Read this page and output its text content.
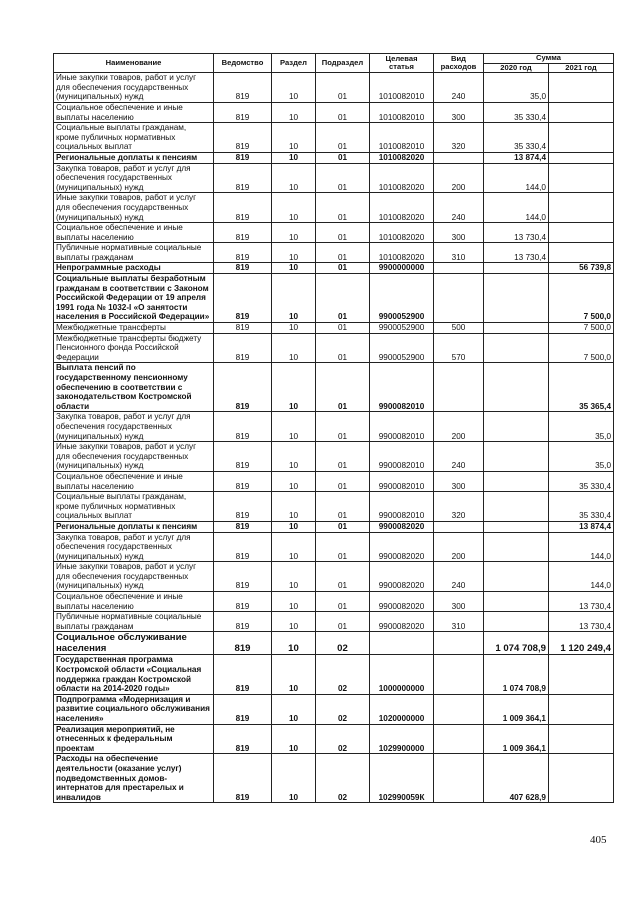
Наименование	Ведомство	Раздел	Подраздел	Целевая статья	Вид расходов	Сумма	
						2020 год	2021 год
Иные закупки товаров, работ и услуг для обеспечения государственных (муниципальных) нужд	819	10	01	1010082010	240	35,0	
Социальное обеспечение и иные выплаты населению	819	10	01	1010082010	300	35 330,4	
Социальные выплаты гражданам, кроме публичных нормативных социальных выплат	819	10	01	1010082010	320	35 330,4	
Региональные доплаты к пенсиям	819	10	01	1010082020		13 874,4	
Закупка товаров, работ и услуг для обеспечения государственных (муниципальных) нужд	819	10	01	1010082020	200	144,0	
Иные закупки товаров, работ и услуг для обеспечения государственных (муниципальных) нужд	819	10	01	1010082020	240	144,0	
Социальное обеспечение и иные выплаты населению	819	10	01	1010082020	300	13 730,4	
Публичные нормативные социальные выплаты гражданам	819	10	01	1010082020	310	13 730,4	
Непрограммные расходы	819	10	01	9900000000			56 739,8
Социальные выплаты безработным гражданам в соответствии с Законом Российской Федерации от 19 апреля 1991 года № 1032-I «О занятости населения в Российской Федерации»	819	10	01	9900052900			7 500,0
Межбюджетные трансферты	819	10	01	9900052900	500		7 500,0
Межбюджетные трансферты бюджету Пенсионного фонда Российской Федерации	819	10	01	9900052900	570		7 500,0
Выплата пенсий по государственному пенсионному обеспечению в соответствии с законодательством Костромской области	819	10	01	9900082010			35 365,4
Закупка товаров, работ и услуг для обеспечения государственных (муниципальных) нужд	819	10	01	9900082010	200		35,0
Иные закупки товаров, работ и услуг для обеспечения государственных (муниципальных) нужд	819	10	01	9900082010	240		35,0
Социальное обеспечение и иные выплаты населению	819	10	01	9900082010	300		35 330,4
Социальные выплаты гражданам, кроме публичных нормативных социальных выплат	819	10	01	9900082010	320		35 330,4
Региональные доплаты к пенсиям	819	10	01	9900082020			13 874,4
Закупка товаров, работ и услуг для обеспечения государственных (муниципальных) нужд	819	10	01	9900082020	200		144,0
Иные закупки товаров, работ и услуг для обеспечения государственных (муниципальных) нужд	819	10	01	9900082020	240		144,0
Социальное обеспечение и иные выплаты населению	819	10	01	9900082020	300		13 730,4
Публичные нормативные социальные выплаты гражданам	819	10	01	9900082020	310		13 730,4
Социальное обслуживание населения	819	10	02			1 074 708,9	1 120 249,4
Государственная программа Костромской области «Социальная поддержка граждан Костромской области на 2014-2020 годы»	819	10	02	1000000000		1 074 708,9	
Подпрограмма «Модернизация и развитие социального обслуживания населения»	819	10	02	1020000000		1 009 364,1	
Реализация мероприятий, не отнесенных к федеральным проектам	819	10	02	1029900000		1 009 364,1	
Расходы на обеспечение деятельности (оказание услуг) подведомственных домов-интернатов для престарелых и инвалидов	819	10	02	102990059К		407 628,9	
405
